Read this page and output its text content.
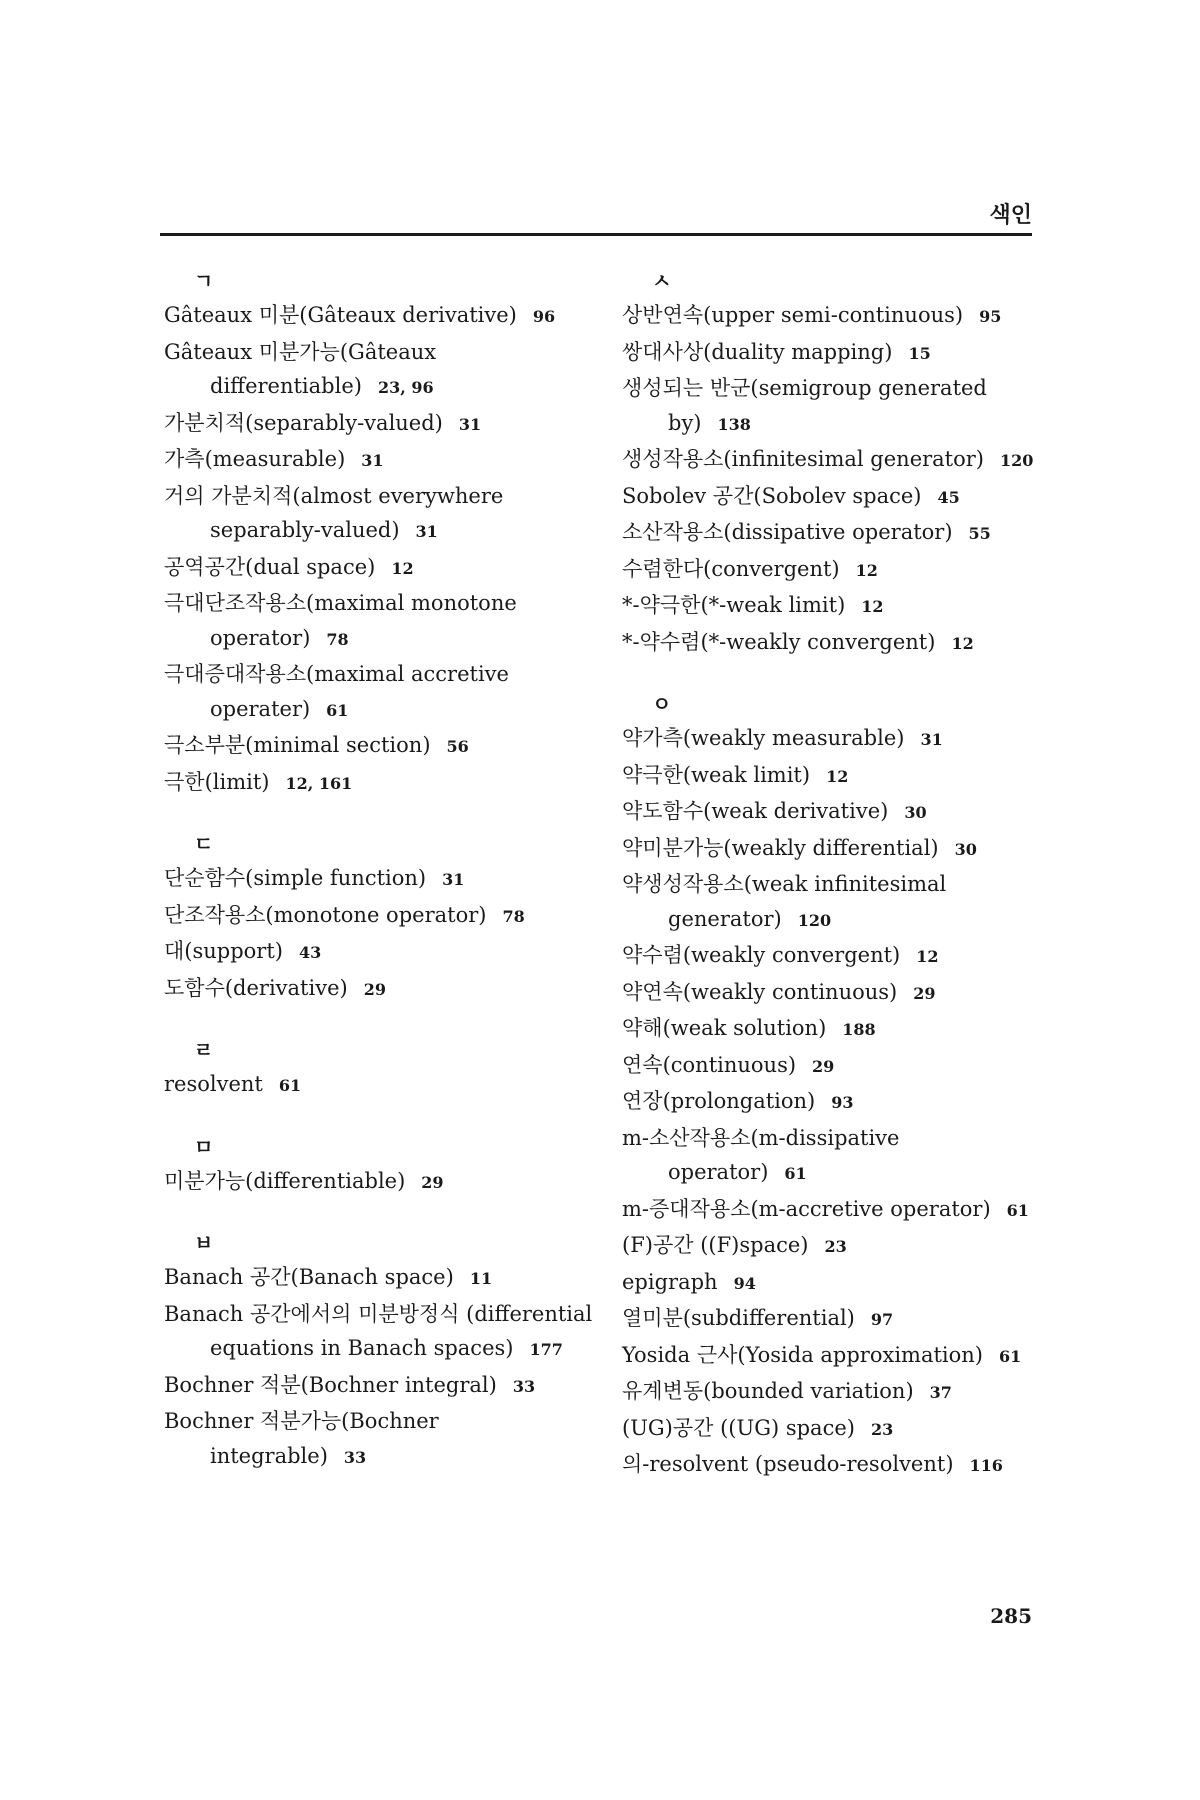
색인
ㄱ
Gâteaux 미분(Gâteaux derivative) 96
Gâteaux 미분가능(Gâteaux differentiable) 23, 96
가분치적(separably-valued) 31
가측(measurable) 31
거의 가분치적(almost everywhere separably-valued) 31
공역공간(dual space) 12
극대단조작용소(maximal monotone operator) 78
극대증대작용소(maximal accretive operater) 61
극소부분(minimal section) 56
극한(limit) 12, 161
ㄷ
단순함수(simple function) 31
단조작용소(monotone operator) 78
대(support) 43
도함수(derivative) 29
ㄹ
resolvent 61
ㅁ
미분가능(differentiable) 29
ㅂ
Banach 공간(Banach space) 11
Banach 공간에서의 미분방정식 (differential equations in Banach spaces) 177
Bochner 적분(Bochner integral) 33
Bochner 적분가능(Bochner integrable) 33
ㅅ
상반연속(upper semi-continuous) 95
쌍대사상(duality mapping) 15
생성되는 반군(semigroup generated by) 138
생성작용소(infinitesimal generator) 120
Sobolev 공간(Sobolev space) 45
소산작용소(dissipative operator) 55
수렴한다(convergent) 12
*-약극한(*-weak limit) 12
*-약수렴(*-weakly convergent) 12
ㅇ
약가측(weakly measurable) 31
약극한(weak limit) 12
약도함수(weak derivative) 30
약미분가능(weakly differential) 30
약생성작용소(weak infinitesimal generator) 120
약수렴(weakly convergent) 12
약연속(weakly continuous) 29
약해(weak solution) 188
연속(continuous) 29
연장(prolongation) 93
m-소산작용소(m-dissipative operator) 61
m-증대작용소(m-accretive operator) 61
(F)공간 ((F)space) 23
epigraph 94
열미분(subdifferential) 97
Yosida 근사(Yosida approximation) 61
유계변동(bounded variation) 37
(UG)공간 ((UG) space) 23
의-resolvent (pseudo-resolvent) 116
285
